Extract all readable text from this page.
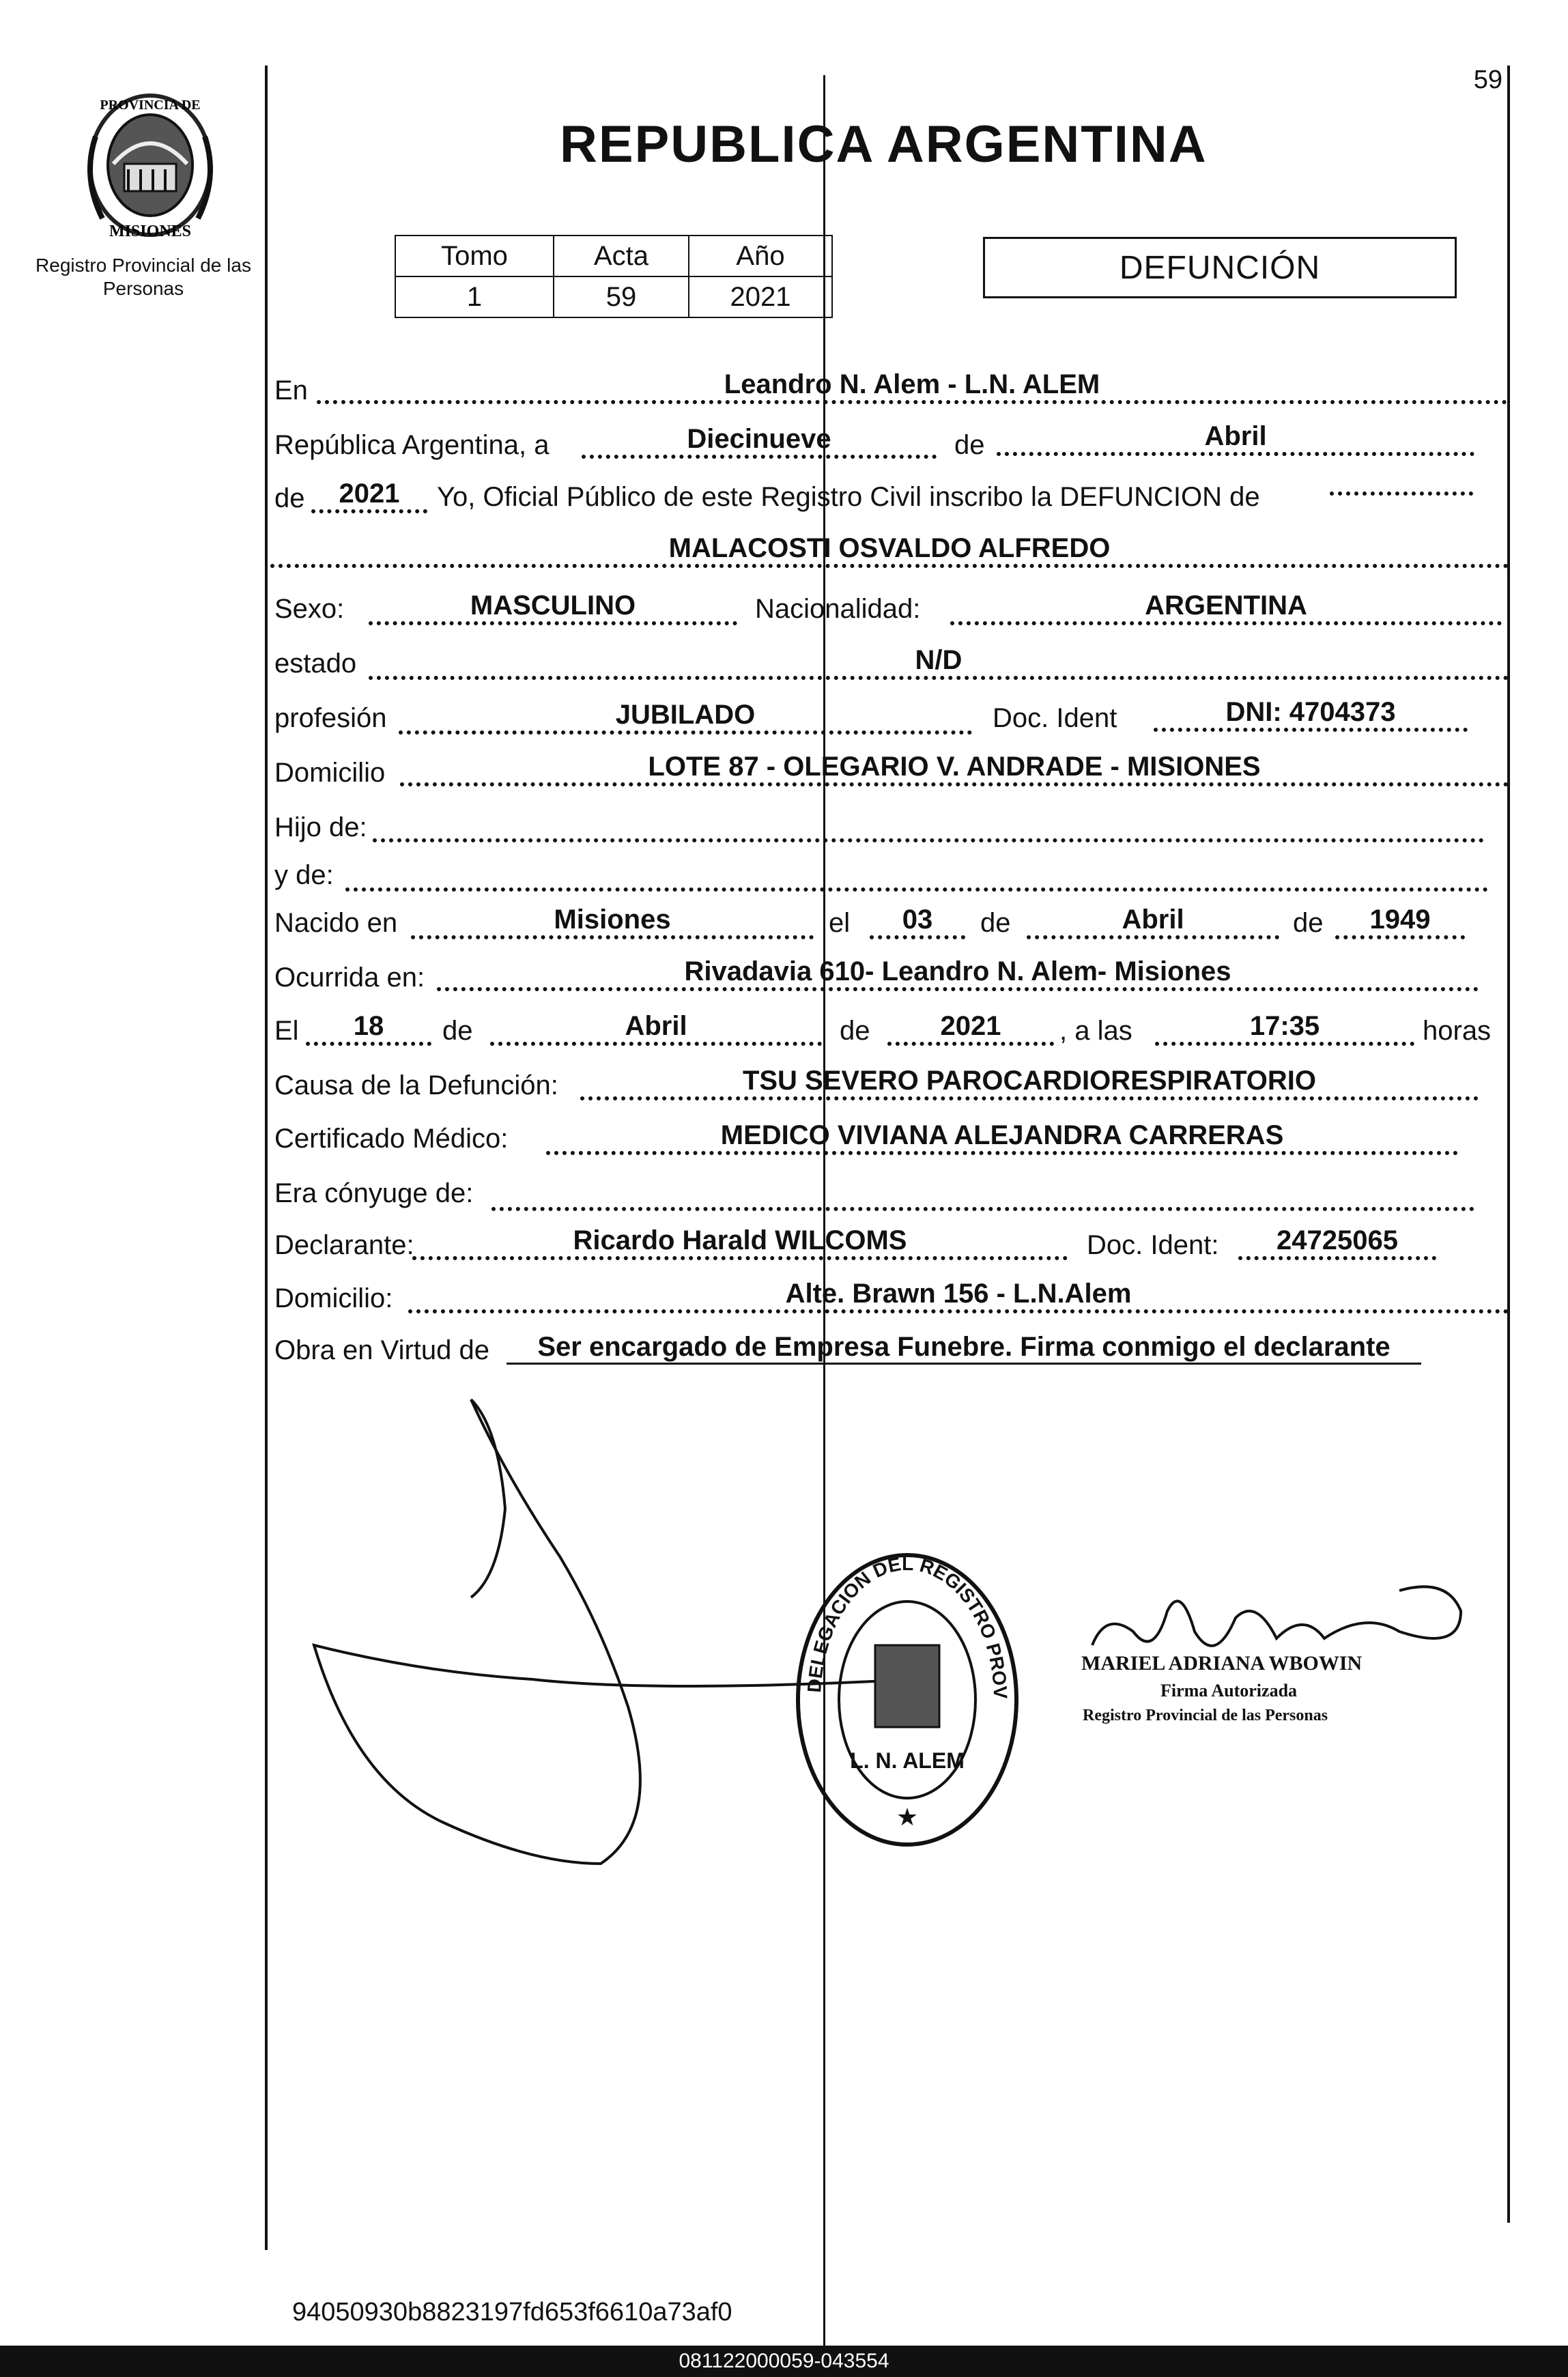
PROVINCIA DE
MISIONES
Registro Provincial de las Personas
59
REPUBLICA ARGENTINA
Tomo	Acta	Año
1	59	2021
DEFUNCIÓN
En	Leandro N. Alem - L.N. ALEM
República Argentina, a	Diecinueve	de	Abril
de	2021	Yo, Oficial Público de este Registro Civil inscribo la DEFUNCION de
MALACOSTI OSVALDO ALFREDO
Sexo:	MASCULINO	Nacionalidad:	ARGENTINA
estado	N/D
profesión	JUBILADO	Doc. Ident	DNI: 4704373
Domicilio	LOTE 87 - OLEGARIO V. ANDRADE - MISIONES
Hijo de:
y de:
Nacido en	Misiones	el	03	de	Abril	de	1949
Ocurrida en:	Rivadavia 610- Leandro N. Alem- Misiones
El	18	de	Abril	de	2021	, a las	17:35	horas
Causa de la Defunción:	TSU SEVERO PAROCARDIORESPIRATORIO
Certificado Médico:	MEDICO VIVIANA ALEJANDRA CARRERAS
Era cónyuge de:
Declarante:	Ricardo Harald WILCOMS	Doc. Ident:	24725065
Domicilio:	Alte. Brawn 156 - L.N.Alem
Obra en Virtud de	Ser encargado de Empresa Funebre. Firma conmigo el declarante
DELEGACION DEL REGISTRO PROV
L. N. ALEM
★
MARIEL ADRIANA WBOWIN
Firma Autorizada
Registro Provincial de las Personas
94050930b8823197fd653f6610a73af0
081122000059-043554
